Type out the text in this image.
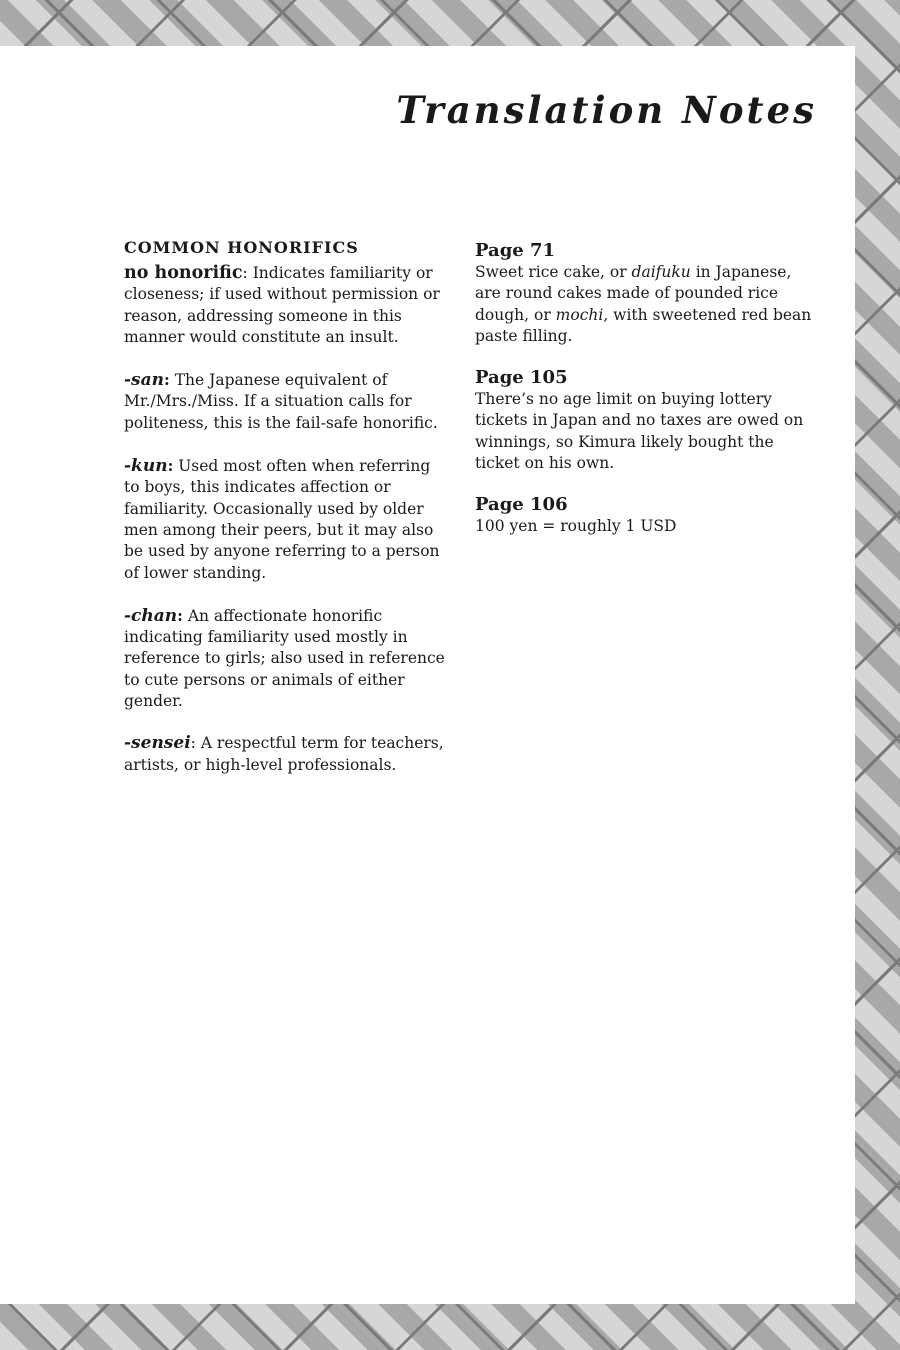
Translation Notes
COMMON HONORIFICS

no honorific: Indicates familiarity or closeness; if used without permission or reason, addressing someone in this manner would constitute an insult.

-san: The Japanese equivalent of Mr./Mrs./Miss. If a situation calls for politeness, this is the fail-safe honorific.

-kun: Used most often when referring to boys, this indicates affection or familiarity. Occasionally used by older men among their peers, but it may also be used by anyone referring to a person of lower standing.

-chan: An affectionate honorific indicating familiarity used mostly in reference to girls; also used in reference to cute persons or animals of either gender.

-sensei: A respectful term for teachers, artists, or high-level professionals.

Page 71

Sweet rice cake, or daifuku in Japanese, are round cakes made of pounded rice dough, or mochi, with sweetened red bean paste filling.

Page 105

There’s no age limit on buying lottery tickets in Japan and no taxes are owed on winnings, so Kimura likely bought the ticket on his own.

Page 106

100 yen = roughly 1 USD
